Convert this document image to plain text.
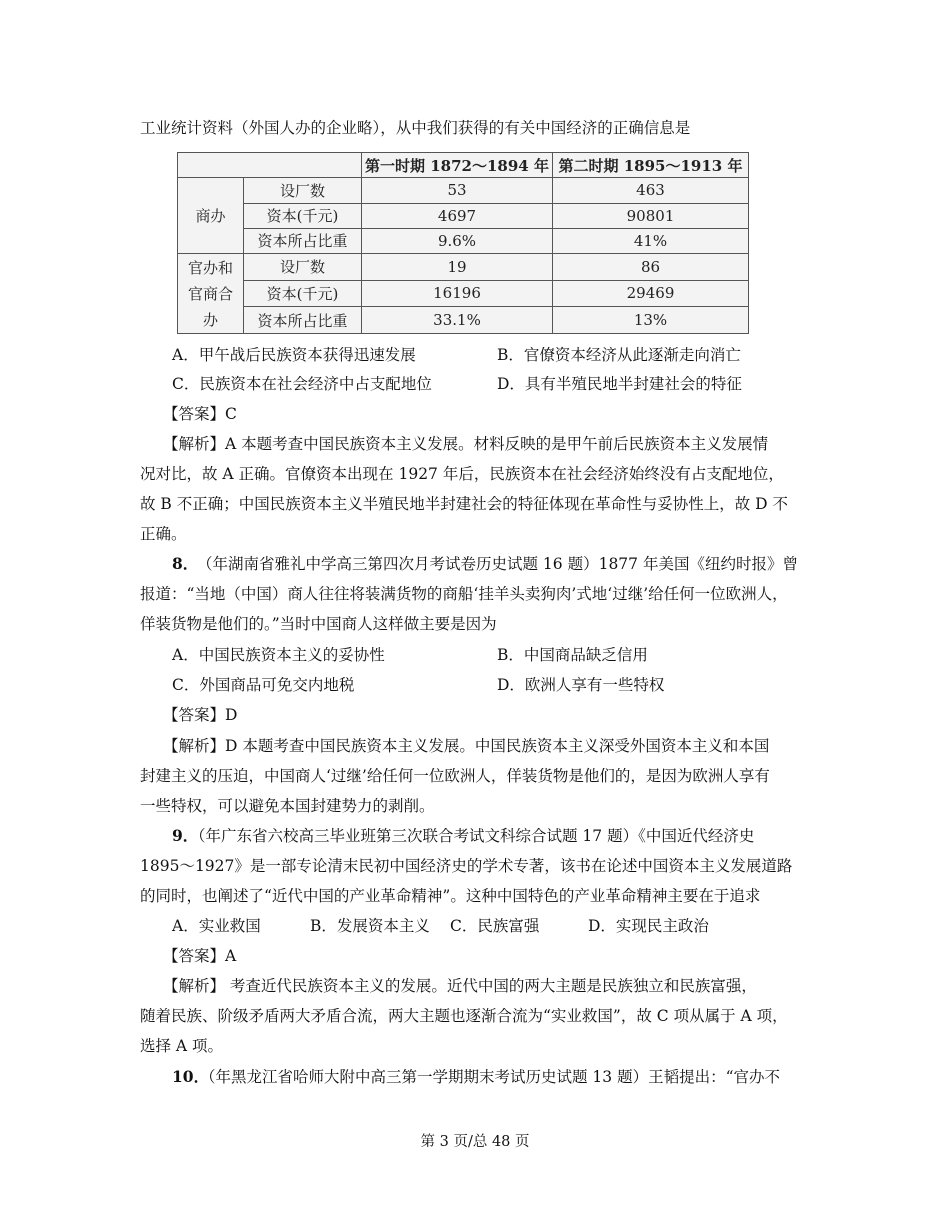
工业统计资料（外国人办的企业略），从中我们获得的有关中国经济的正确信息是
		第一时期 1872～1894 年	第二时期 1895～1913 年
商办	设厂数	53	463
	资本(千元)	4697	90801
	资本所占比重	9.6%	41%
官办和官商合办	设厂数	19	86
	资本(千元)	16196	29469
	资本所占比重	33.1%	13%
A．甲午战后民族资本获得迅速发展	B．官僚资本经济从此逐渐走向消亡
C．民族资本在社会经济中占支配地位	D．具有半殖民地半封建社会的特征
【答案】C
【解析】A 本题考查中国民族资本主义发展。材料反映的是甲午前后民族资本主义发展情
况对比，故 A 正确。官僚资本出现在 1927 年后，民族资本在社会经济始终没有占支配地位，
故 B 不正确；中国民族资本主义半殖民地半封建社会的特征体现在革命性与妥协性上，故 D 不
正确。
8．
（年湖南省雅礼中学高三第四次月考试卷历史试题 16 题）1877 年美国《纽约时报》曾
报道：“当地（中国）商人往往将装满货物的商船‘挂羊头卖狗肉’式地‘过继’给任何一位欧洲人，
佯装货物是他们的。”当时中国商人这样做主要是因为
A．中国民族资本主义的妥协性	B．中国商品缺乏信用
C．外国商品可免交内地税	D．欧洲人享有一些特权
【答案】D
【解析】D 本题考查中国民族资本主义发展。中国民族资本主义深受外国资本主义和本国
封建主义的压迫，中国商人‘过继’给任何一位欧洲人，佯装货物是他们的，是因为欧洲人享有
一些特权，可以避免本国封建势力的剥削。
9．
（年广东省六校高三毕业班第三次联合考试文科综合试题 17 题）《中国近代经济史
1895～1927》是一部专论清末民初中国经济史的学术专著，该书在论述中国资本主义发展道路
的同时，也阐述了“近代中国的产业革命精神”。这种中国特色的产业革命精神主要在于追求
A．实业救国	B．发展资本主义 C．民族富强	D．实现民主政治
【答案】A
【解析】 考查近代民族资本主义的发展。近代中国的两大主题是民族独立和民族富强，
随着民族、阶级矛盾两大矛盾合流，两大主题也逐渐合流为“实业救国”，故 C 项从属于 A 项，
选择 A 项。
10．
（年黑龙江省哈师大附中高三第一学期期末考试历史试题 13 题）王韬提出：“官办不
第 3 页/总 48 页
